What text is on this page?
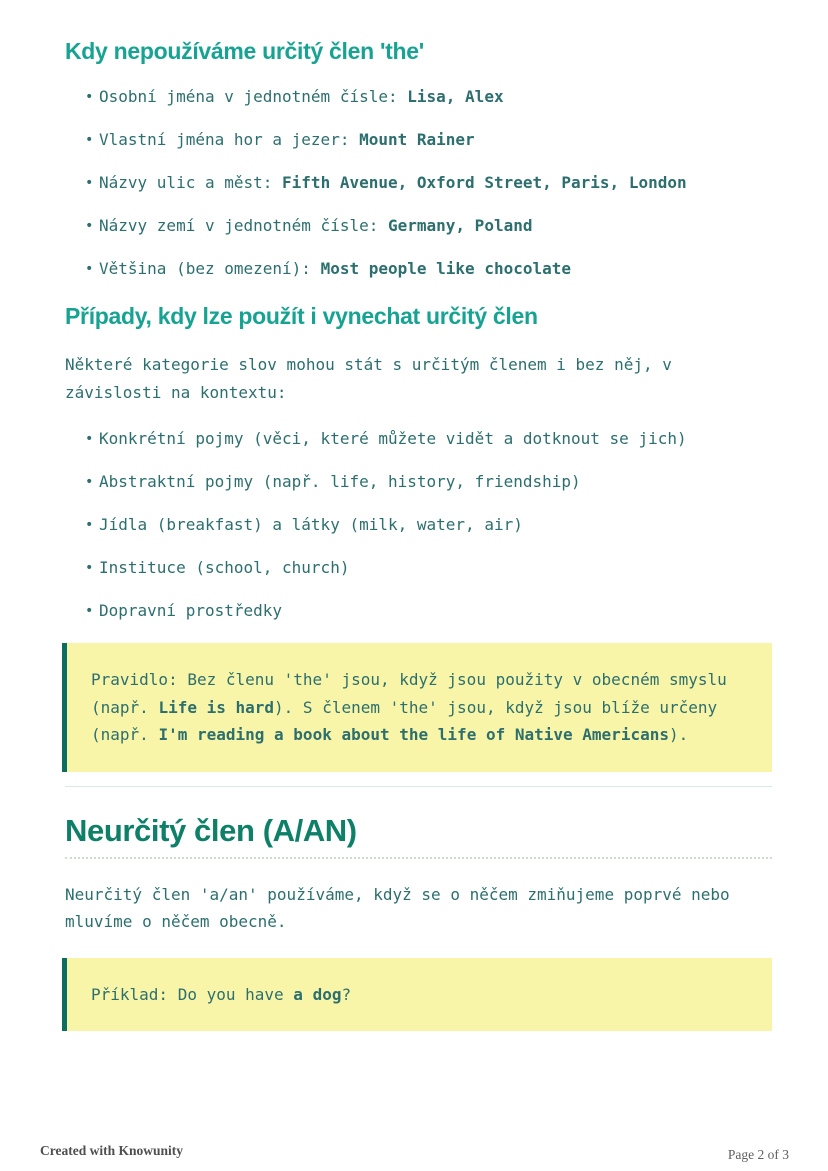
Kdy nepoužíváme určitý člen 'the'
• Osobní jména v jednotném čísle: Lisa, Alex
• Vlastní jména hor a jezer: Mount Rainer
• Názvy ulic a měst: Fifth Avenue, Oxford Street, Paris, London
• Názvy zemí v jednotném čísle: Germany, Poland
• Většina (bez omezení): Most people like chocolate
Případy, kdy lze použít i vynechat určitý člen

Některé kategorie slov mohou stát s určitým členem i bez něj, v závislosti na kontextu:

• Konkrétní pojmy (věci, které můžete vidět a dotknout se jich)
• Abstraktní pojmy (např. life, history, friendship)
• Jídla (breakfast) a látky (milk, water, air)
• Instituce (school, church)
• Dopravní prostředky

Pravidlo: Bez členu 'the' jsou, když jsou použity v obecném smyslu (např. Life is hard). S členem 'the' jsou, když jsou blíže určeny (např. I'm reading a book about the life of Native Americans).

Neurčitý člen (A/AN)

Neurčitý člen 'a/an' používáme, když se o něčem zmiňujeme poprvé nebo mluvíme o něčem obecně.

Příklad: Do you have a dog?

Created with Knowunity	Page 2 of 3
